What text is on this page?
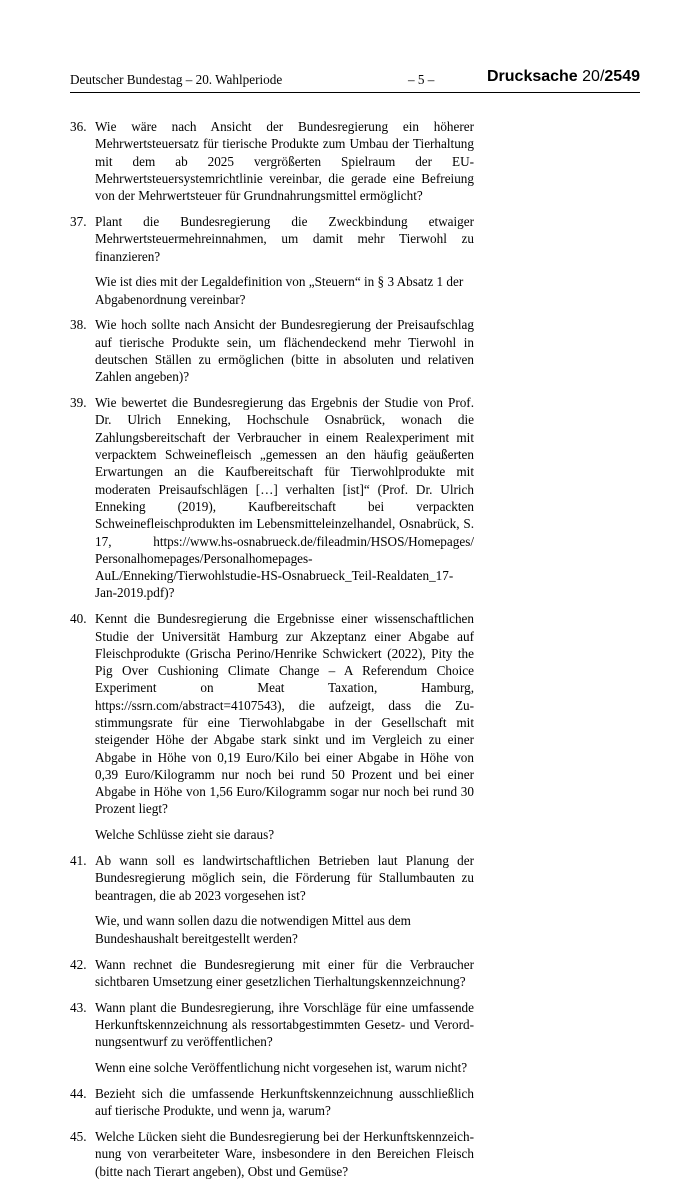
Deutscher Bundestag – 20. Wahlperiode	– 5 –	Drucksache 20/2549
36. Wie wäre nach Ansicht der Bundesregierung ein höherer Mehrwertsteuersatz für tierische Produkte zum Umbau der Tierhaltung mit dem ab 2025 vergrößerten Spielraum der EU-Mehrwertsteuersystemrichtlinie vereinbar, die gerade eine Befreiung von der Mehrwertsteuer für Grundnahrungsmittel ermöglicht?

37. Plant die Bundesregierung die Zweckbindung etwaiger Mehrwertsteuermehreinnahmen, um damit mehr Tierwohl zu finanzieren?

Wie ist dies mit der Legaldefinition von „Steuern“ in § 3 Absatz 1 der Abgabenordnung vereinbar?

38. Wie hoch sollte nach Ansicht der Bundesregierung der Preisaufschlag auf tierische Produkte sein, um flächendeckend mehr Tierwohl in deutschen Ställen zu ermöglichen (bitte in absoluten und relativen Zahlen angeben)?

39. Wie bewertet die Bundesregierung das Ergebnis der Studie von Prof. Dr. Ulrich Enneking, Hochschule Osnabrück, wonach die Zahlungsbereitschaft der Verbraucher in einem Realexperiment mit verpacktem Schweinefleisch „gemessen an den häufig geäußerten Erwartungen an die Kaufbereitschaft für Tierwohlprodukte mit moderaten Preisaufschlägen […] verhalten [ist]“ (Prof. Dr. Ulrich Enneking (2019), Kaufbereitschaft bei verpackten Schweinefleischprodukten im Lebensmitteleinzelhandel, Osnabrück, S. 17, https://www.hs-osnabrueck.de/fileadmin/HSOS/Homepages/​Personalhomepages/Personalhomepages-AuL/Enneking/Tierwohlstudie-H​S-Osnabrueck_Teil-Realdaten_17-Jan-2019.pdf)?

40. Kennt die Bundesregierung die Ergebnisse einer wissenschaftlichen Studie der Universität Hamburg zur Akzeptanz einer Abgabe auf Fleischprodukte (Grischa Perino/Henrike Schwickert (2022), Pity the Pig Over Cushioning Climate Change – A Referendum Choice Experiment on Meat Taxation, Hamburg, https://ssrn.com/abstract=4107543), die aufzeigt, dass die Zustimmungsrate für eine Tierwohlabgabe in der Gesellschaft mit steigender Höhe der Abgabe stark sinkt und im Vergleich zu einer Abgabe in Höhe von 0,19 Euro/Kilo bei einer Abgabe in Höhe von 0,39 Euro/Kilogramm nur noch bei rund 50 Prozent und bei einer Abgabe in Höhe von 1,56 Euro/Kilogramm sogar nur noch bei rund 30 Prozent liegt?

Welche Schlüsse zieht sie daraus?

41. Ab wann soll es landwirtschaftlichen Betrieben laut Planung der Bundesregierung möglich sein, die Förderung für Stallumbauten zu beantragen, die ab 2023 vorgesehen ist?

Wie, und wann sollen dazu die notwendigen Mittel aus dem Bundeshaushalt bereitgestellt werden?

42. Wann rechnet die Bundesregierung mit einer für die Verbraucher sichtbaren Umsetzung einer gesetzlichen Tierhaltungskennzeichnung?

43. Wann plant die Bundesregierung, ihre Vorschläge für eine umfassende Herkunftskennzeichnung als ressortabgestimmten Gesetz- und Verordnungsentwurf zu veröffentlichen?

Wenn eine solche Veröffentlichung nicht vorgesehen ist, warum nicht?

44. Bezieht sich die umfassende Herkunftskennzeichnung ausschließlich auf tierische Produkte, und wenn ja, warum?

45. Welche Lücken sieht die Bundesregierung bei der Herkunftskennzeichnung von verarbeiteter Ware, insbesondere in den Bereichen Fleisch (bitte nach Tierart angeben), Obst und Gemüse?
